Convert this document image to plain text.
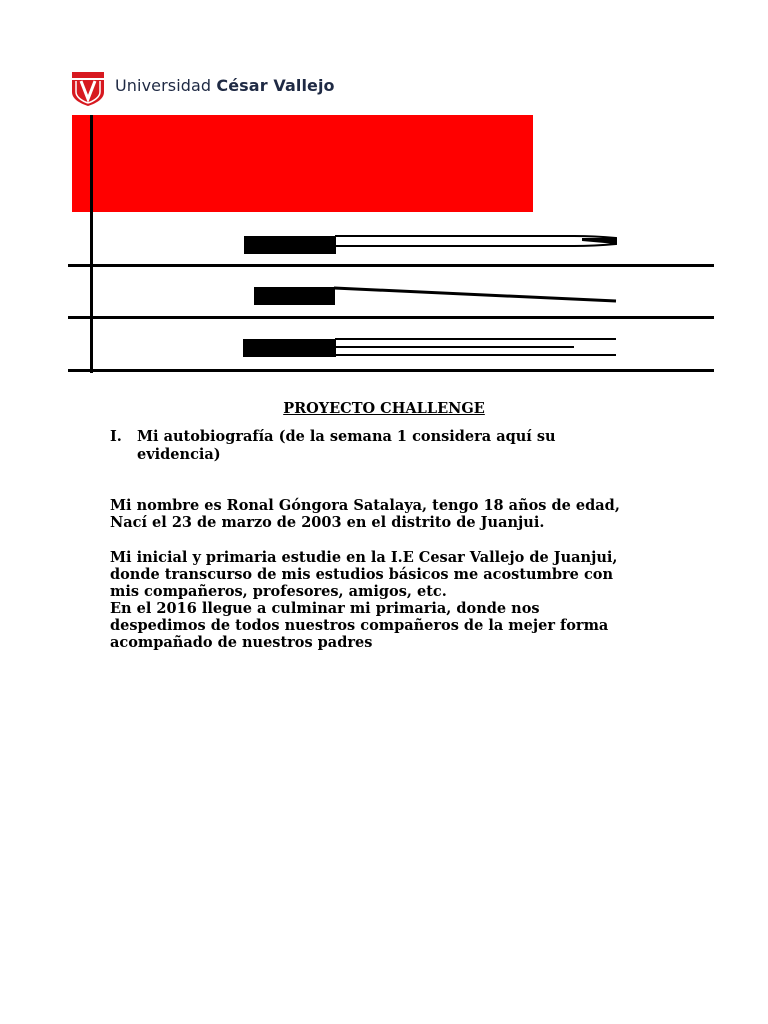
Universidad César Vallejo
PROYECTO CHALLENGE
I. Mi autobiografía (de la semana 1 considera aquí su evidencia)

Mi nombre es Ronal Góngora Satalaya, tengo 18 años de edad,
Nací el 23 de marzo de 2003 en el distrito de Juanjui.

Mi inicial y primaria estudie en la I.E Cesar Vallejo de Juanjui,
donde transcurso de mis estudios básicos me acostumbre con
mis compañeros, profesores, amigos, etc.
En el 2016 llegue a culminar mi primaria, donde nos
despedimos de todos nuestros compañeros de la mejer forma
acompañado de nuestros padres
